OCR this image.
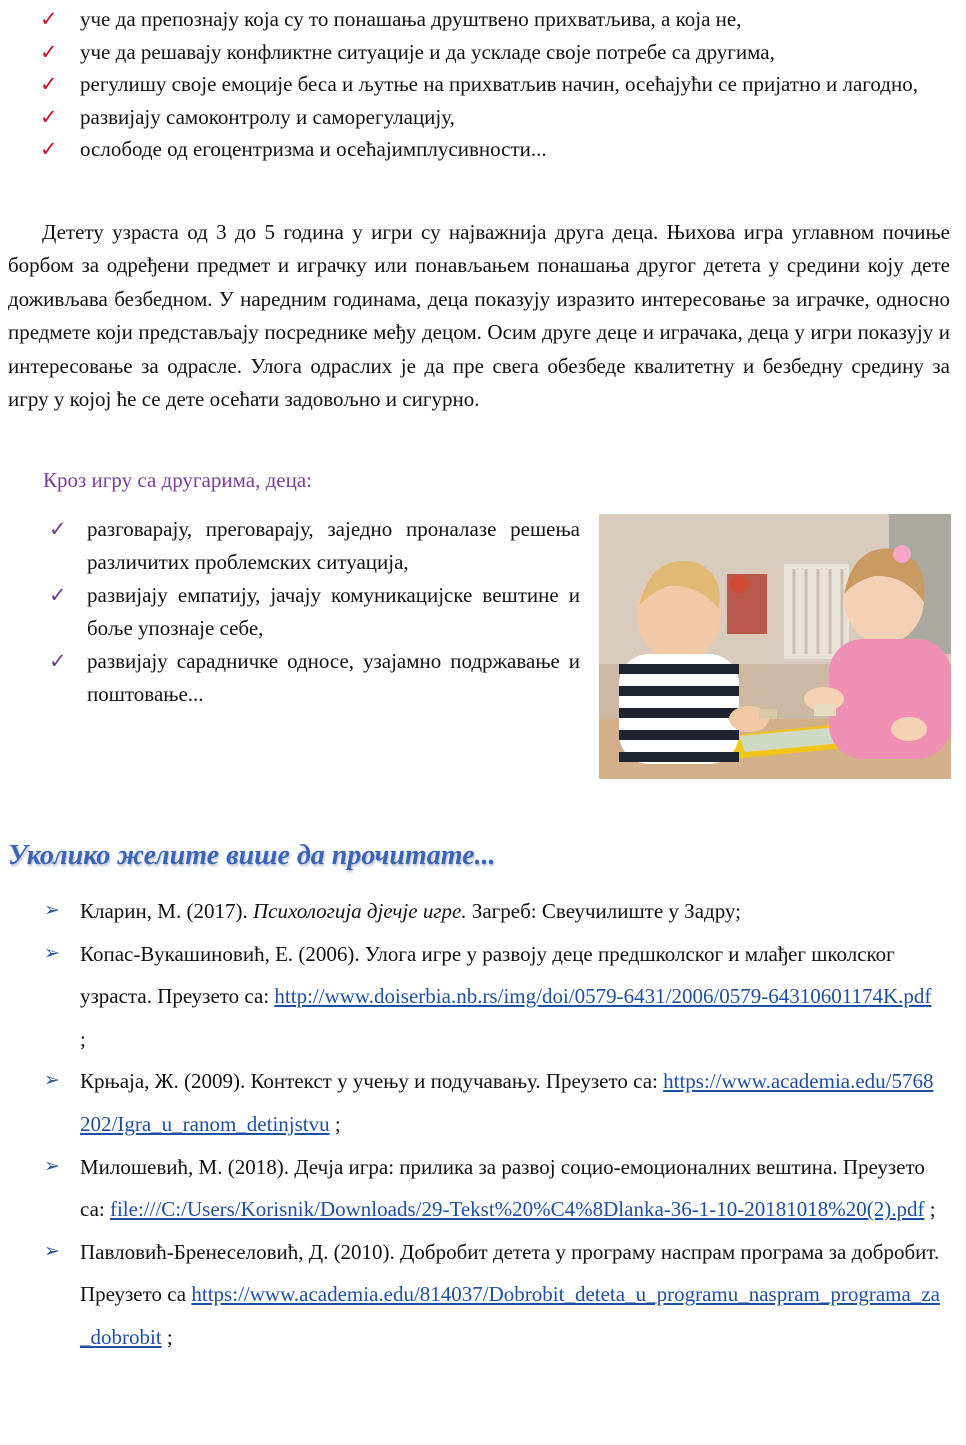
✓ уче да препознају која су то понашања друштвено прихватљива, а која не,
✓ уче да решавају конфликтне ситуације и да ускладе своје потребе са другима,
✓ регулишу своје емоције беса и љутње на прихватљив начин, осећајући се пријатно и лагодно,
✓ развијају самоконтролу и саморегулацију,
✓ ослободе од егоцентризма и осећајимплусивности...

Детету узраста од 3 до 5 година у игри су најважнија друга деца. Њихова игра углавном почиње борбом за одређени предмет и играчку или понављањем понашања другог детета у средини коју дете доживљава безбедном. У наредним годинама, деца показују изразито интересовање за играчке, односно предмете који представљају посреднике међу децом. Осим друге деце и играчака, деца у игри показују и интересовање за одрасле. Улога одраслих је да пре свега обезбеде квалитетну и безбедну средину за игру у којој ће се дете осећати задовољно и сигурно.

Кроз игру са другарима, деца:

✓ разговарају, преговарају, заједно проналазе решења различитих проблемских ситуација,
✓ развијају емпатију, јачају комуникацијске вештине и боље упознаје себе,
✓ развијају сарадничке односе, узајамно подржавање и поштовање...
Уколико желите више да прочитате...
➢ Кларин, М. (2017). Психологија дјечје игре. Загреб: Свеучилиште у Задру;
➢ Копас-Вукашиновић, Е. (2006). Улога игре у развоју деце предшколског и млађег школског узраста. Преузето са: http://www.doiserbia.nb.rs/img/doi/0579-6431/2006/0579-64310601174K.pdf ;
➢ Крњаја, Ж. (2009). Контекст у учењу и подучавању. Преузето са: https://www.academia.edu/5768202/Igra_u_ranom_detinjstvu ;
➢ Милошевић, М. (2018). Дечја игра: прилика за развој социо-емоционалних вештина. Преузето са: file:///C:/Users/Korisnik/Downloads/29-Tekst%20%C4%8Dlanka-36-1-10-20181018%20(2).pdf ;
➢ Павловић-Бренеселовић, Д. (2010). Добробит детета у програму наспрам програма за добробит. Преузето са https://www.academia.edu/814037/Dobrobit_deteta_u_programu_naspram_programa_za_dobrobit ;
